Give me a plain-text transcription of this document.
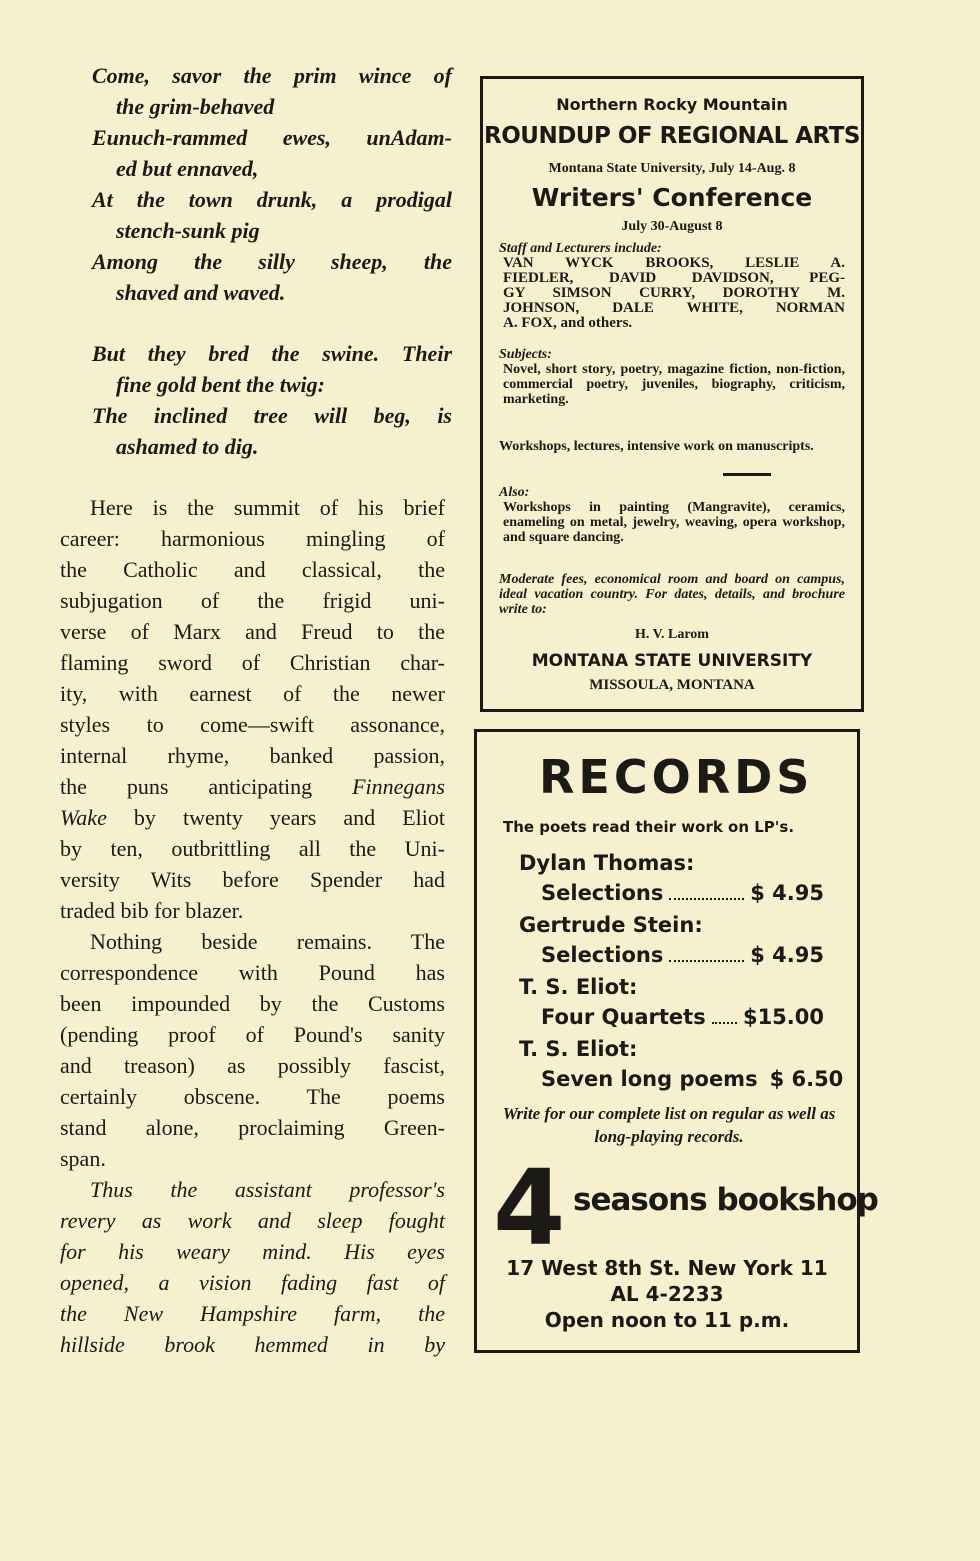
Come, savor the prim wince of
the grim-behaved
Eunuch-rammed ewes, unAdam-
ed but ennaved,
At the town drunk, a prodigal
stench-sunk pig
Among the silly sheep, the
shaved and waved.
But they bred the swine. Their
fine gold bent the twig:
The inclined tree will beg, is
ashamed to dig.
Here is the summit of his brief
career: harmonious mingling of
the Catholic and classical, the
subjugation of the frigid uni-
verse of Marx and Freud to the
flaming sword of Christian char-
ity, with earnest of the newer
styles to come—swift assonance,
internal rhyme, banked passion,
the puns anticipating Finnegans
Wake by twenty years and Eliot
by ten, outbrittling all the Uni-
versity Wits before Spender had
traded bib for blazer.
Nothing beside remains. The
correspondence with Pound has
been impounded by the Customs
(pending proof of Pound's sanity
and treason) as possibly fascist,
certainly obscene. The poems
stand alone, proclaiming Green-
span.
Thus the assistant professor's
revery as work and sleep fought
for his weary mind. His eyes
opened, a vision fading fast of
the New Hampshire farm, the
hillside brook hemmed in by
Northern Rocky Mountain
ROUNDUP OF REGIONAL ARTS
Montana State University, July 14-Aug. 8
Writers' Conference
July 30-August 8
Staff and Lecturers include:
VAN WYCK BROOKS, LESLIE A.
FIEDLER, DAVID DAVIDSON, PEG-
GY SIMSON CURRY, DOROTHY M.
JOHNSON, DALE WHITE, NORMAN
A. FOX, and others.
Subjects:
Novel, short story, poetry, magazine fiction, non-fiction, commercial poetry, juveniles, biography, criticism, marketing.
Workshops, lectures, intensive work on manuscripts.
Also:
Workshops in painting (Mangravite), ceramics, enameling on metal, jewelry, weaving, opera workshop, and square dancing.
Moderate fees, economical room and board on campus, ideal vacation country. For dates, details, and brochure write to:
H. V. Larom
MONTANA STATE UNIVERSITY
MISSOULA, MONTANA
RECORDS
The poets read their work on LP's.
Dylan Thomas:
Selections	$ 4.95
Gertrude Stein:
Selections	$ 4.95
T. S. Eliot:
Four Quartets $15.00
T. S. Eliot:
Seven long poems $ 6.50
Write for our complete list on regular as well as long-playing records.
4 seasons bookshop
17 West 8th St. New York 11
AL 4-2233
Open noon to 11 p.m.
